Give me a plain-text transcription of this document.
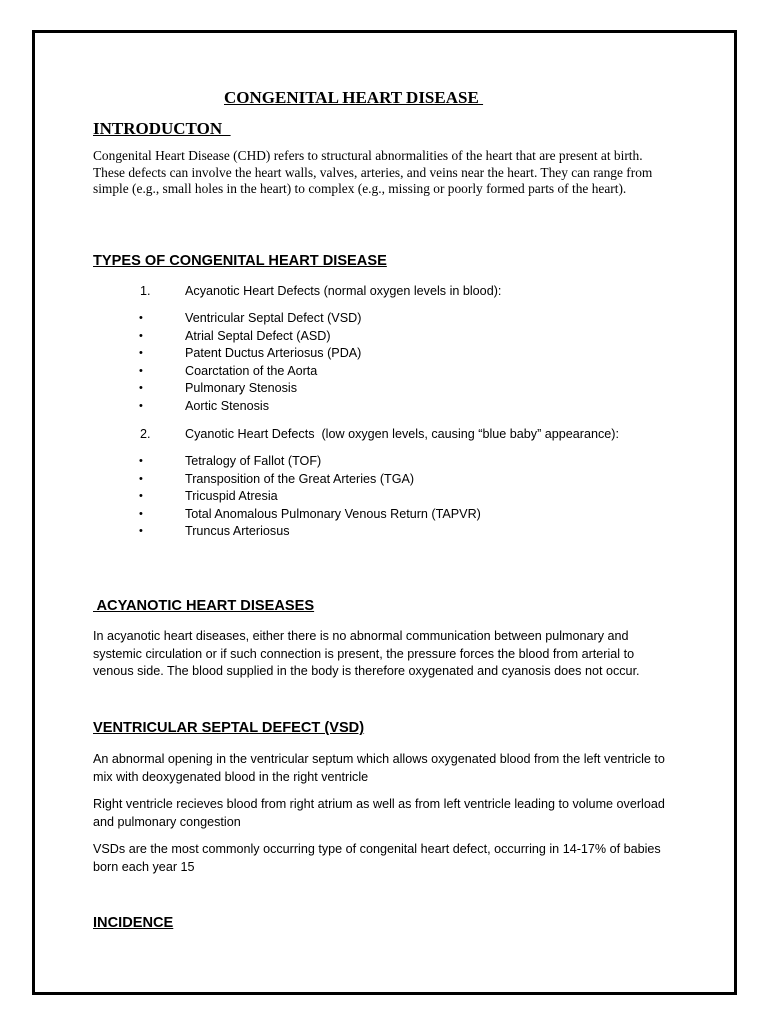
CONGENITAL HEART DISEASE
INTRODUCTON

Congenital Heart Disease (CHD) refers to structural abnormalities of the heart that are present at birth. These defects can involve the heart walls, valves, arteries, and veins near the heart. They can range from simple (e.g., small holes in the heart) to complex (e.g., missing or poorly formed parts of the heart).

TYPES OF CONGENITAL HEART DISEASE
1.	Acyanotic Heart Defects (normal oxygen levels in blood):
•	Ventricular Septal Defect (VSD)
•	Atrial Septal Defect (ASD)
•	Patent Ductus Arteriosus (PDA)
•	Coarctation of the Aorta
•	Pulmonary Stenosis
•	Aortic Stenosis
2.	Cyanotic Heart Defects  (low oxygen levels, causing “blue baby” appearance):
•	Tetralogy of Fallot (TOF)
•	Transposition of the Great Arteries (TGA)
•	Tricuspid Atresia
•	Total Anomalous Pulmonary Venous Return (TAPVR)
•	Truncus Arteriosus
ACYANOTIC HEART DISEASES

In acyanotic heart diseases, either there is no abnormal communication between pulmonary and systemic circulation or if such connection is present, the pressure forces the blood from arterial to venous side. The blood supplied in the body is therefore oxygenated and cyanosis does not occur.

VENTRICULAR SEPTAL DEFECT (VSD)

An abnormal opening in the ventricular septum which allows oxygenated blood from the left ventricle to mix with deoxygenated blood in the right ventricle

Right ventricle recieves blood from right atrium as well as from left ventricle leading to volume overload and pulmonary congestion

VSDs are the most commonly occurring type of congenital heart defect, occurring in 14-17% of babies born each year 15

INCIDENCE
